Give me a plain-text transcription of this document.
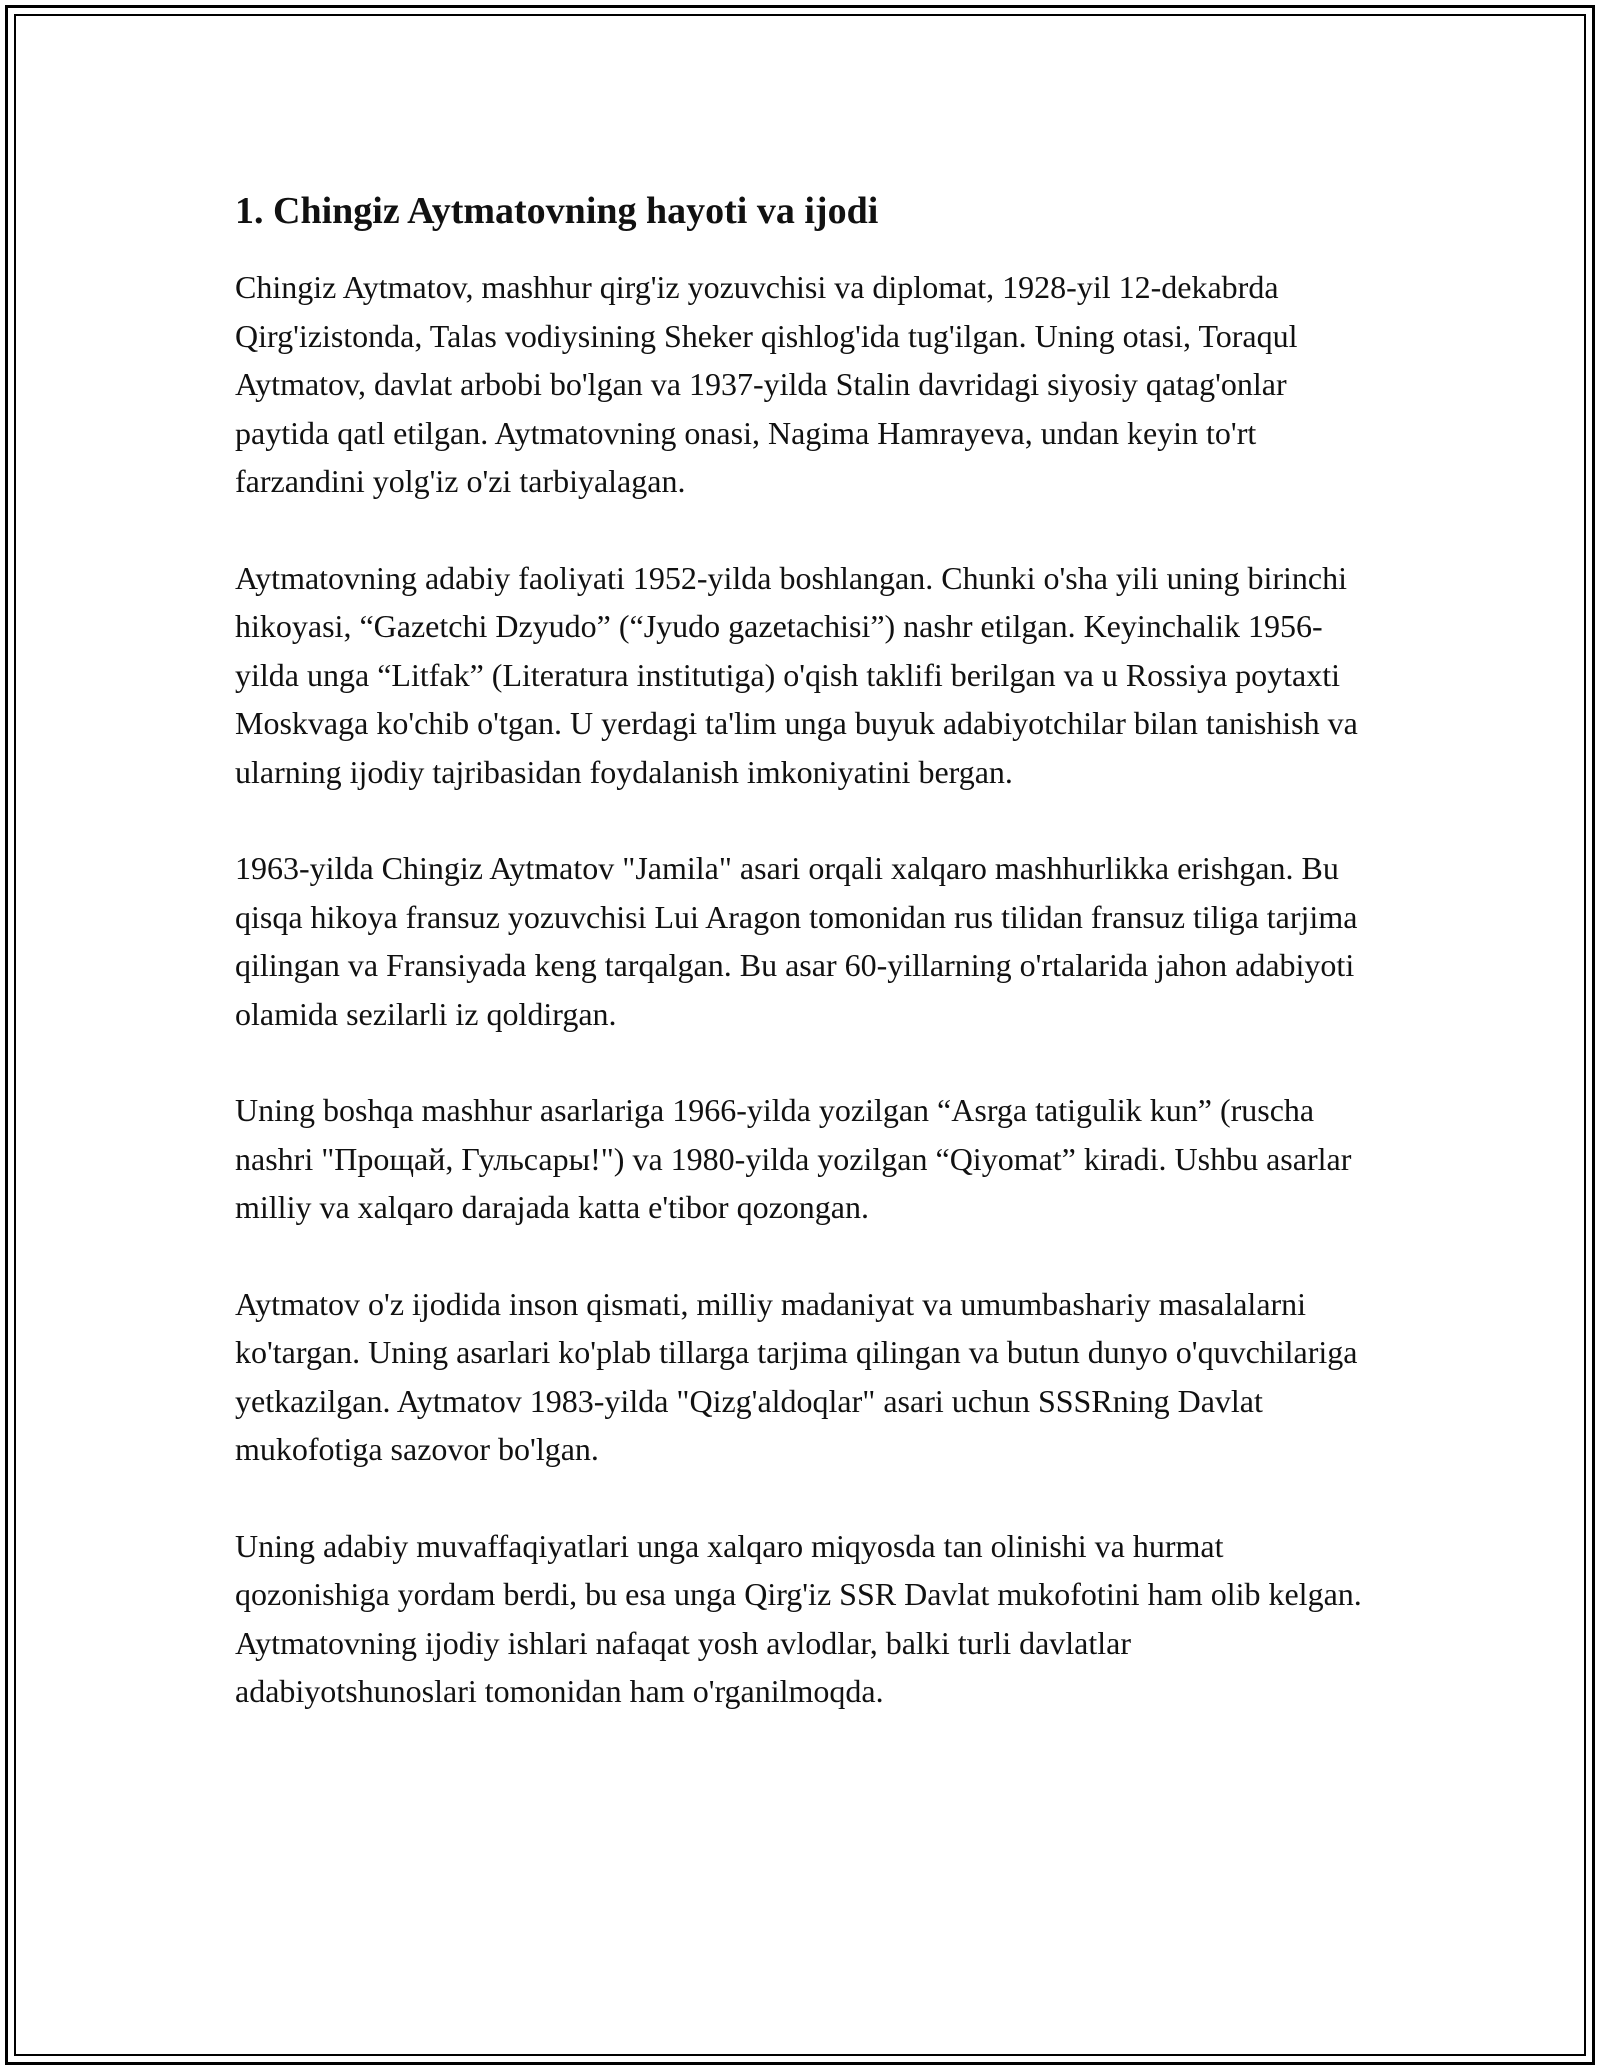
1. Chingiz Aytmatovning hayoti va ijodi

Chingiz Aytmatov, mashhur qirg'iz yozuvchisi va diplomat, 1928-yil 12-dekabrda Qirg'izistonda, Talas vodiysining Sheker qishlog'ida tug'ilgan. Uning otasi, Toraqul Aytmatov, davlat arbobi bo'lgan va 1937-yilda Stalin davridagi siyosiy qatag'onlar paytida qatl etilgan. Aytmatovning onasi, Nagima Hamrayeva, undan keyin to'rt farzandini yolg'iz o'zi tarbiyalagan.

Aytmatovning adabiy faoliyati 1952-yilda boshlangan. Chunki o'sha yili uning birinchi hikoyasi, “Gazetchi Dzyudo” (“Jyudo gazetachisi”) nashr etilgan. Keyinchalik 1956-yilda unga “Litfak” (Literatura institutiga) o'qish taklifi berilgan va u Rossiya poytaxti Moskvaga ko'chib o'tgan. U yerdagi ta'lim unga buyuk adabiyotchilar bilan tanishish va ularning ijodiy tajribasidan foydalanish imkoniyatini bergan.

1963-yilda Chingiz Aytmatov "Jamila" asari orqali xalqaro mashhurlikka erishgan. Bu qisqa hikoya fransuz yozuvchisi Lui Aragon tomonidan rus tilidan fransuz tiliga tarjima qilingan va Fransiyada keng tarqalgan. Bu asar 60-yillarning o'rtalarida jahon adabiyoti olamida sezilarli iz qoldirgan.

Uning boshqa mashhur asarlariga 1966-yilda yozilgan “Asrga tatigulik kun” (ruscha nashri "Прощай, Гульсары!") va 1980-yilda yozilgan “Qiyomat” kiradi. Ushbu asarlar milliy va xalqaro darajada katta e'tibor qozongan.

Aytmatov o'z ijodida inson qismati, milliy madaniyat va umumbashariy masalalarni ko'targan. Uning asarlari ko'plab tillarga tarjima qilingan va butun dunyo o'quvchilariga yetkazilgan. Aytmatov 1983-yilda "Qizg'aldoqlar" asari uchun SSSRning Davlat mukofotiga sazovor bo'lgan.

Uning adabiy muvaffaqiyatlari unga xalqaro miqyosda tan olinishi va hurmat qozonishiga yordam berdi, bu esa unga Qirg'iz SSR Davlat mukofotini ham olib kelgan. Aytmatovning ijodiy ishlari nafaqat yosh avlodlar, balki turli davlatlar adabiyotshunoslari tomonidan ham o'rganilmoqda.
